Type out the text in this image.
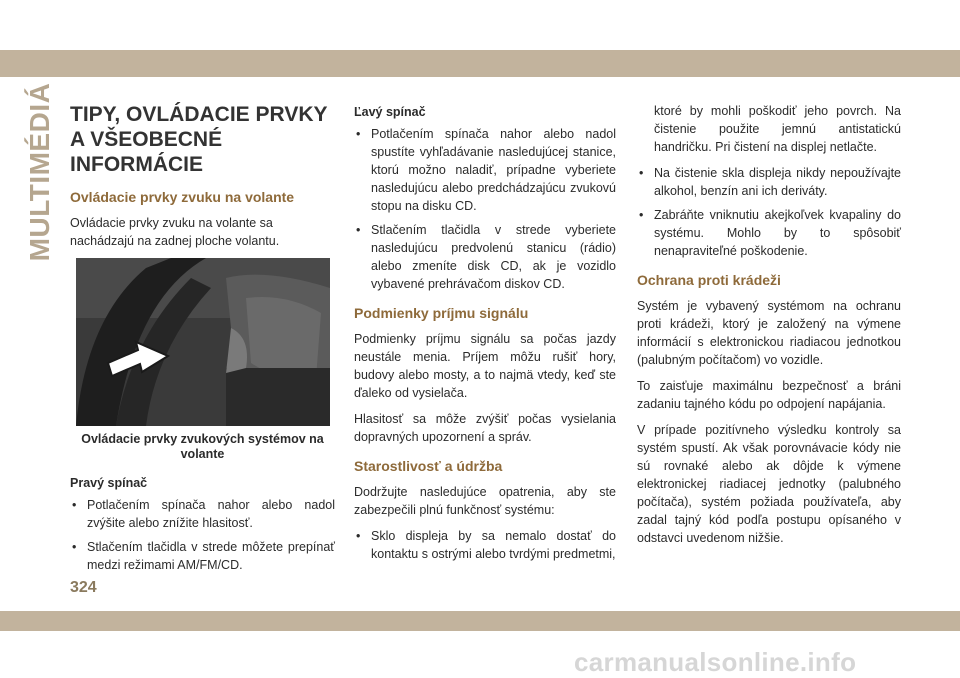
MULTIMÉDIÁ TIPY, OVLÁDACIE PRVKY A VŠEOBECNÉ INFORMÁCIE
Ovládacie prvky zvuku na volante

Ovládacie prvky zvuku na volante sa nachádzajú na zadnej ploche volantu.

Ovládacie prvky zvukových systémov na volante
Pravý spínač
• Potlačením spínača nahor alebo nadol zvýšite alebo znížite hlasitosť.
• Stlačením tlačidla v strede môžete prepínať medzi režimami AM/FM/CD.
Ľavý spínač
• Potlačením spínača nahor alebo nadol spustíte vyhľadávanie nasledujúcej stanice, ktorú možno naladiť, prípadne vyberiete nasledujúcu alebo predchádzajúcu zvukovú stopu na disku CD.
• Stlačením tlačidla v strede vyberiete nasledujúcu predvolenú stanicu (rádio) alebo zmeníte disk CD, ak je vozidlo vybavené prehrávačom diskov CD.
Podmienky príjmu signálu

Podmienky príjmu signálu sa počas jazdy neustále menia. Príjem môžu rušiť hory, budovy alebo mosty, a to najmä vtedy, keď ste ďaleko od vysielača.

Hlasitosť sa môže zvýšiť počas vysielania dopravných upozornení a správ.

Starostlivosť a údržba

Dodržujte nasledujúce opatrenia, aby ste zabezpečili plnú funkčnosť systému:

• Sklo displeja by sa nemalo dostať do kontaktu s ostrými alebo tvrdými predmetmi,

ktoré by mohli poškodiť jeho povrch. Na čistenie použite jemnú antistatickú handričku. Pri čistení na displej netlačte.

• Na čistenie skla displeja nikdy nepoužívajte alkohol, benzín ani ich deriváty.
• Zabráňte vniknutiu akejkoľvek kvapaliny do systému. Mohlo by to spôsobiť nenapraviteľné poškodenie.
Ochrana proti krádeži

Systém je vybavený systémom na ochranu proti krádeži, ktorý je založený na výmene informácií s elektronickou riadiacou jednotkou (palubným počítačom) vo vozidle.

To zaisťuje maximálnu bezpečnosť a bráni zadaniu tajného kódu po odpojení napájania.

V prípade pozitívneho výsledku kontroly sa systém spustí. Ak však porovnávacie kódy nie sú rovnaké alebo ak dôjde k výmene elektronickej riadiacej jednotky (palubného počítača), systém požiada používateľa, aby zadal tajný kód podľa postupu opísaného v odstavci uvedenom nižšie.

324
carmanualsonline.info
